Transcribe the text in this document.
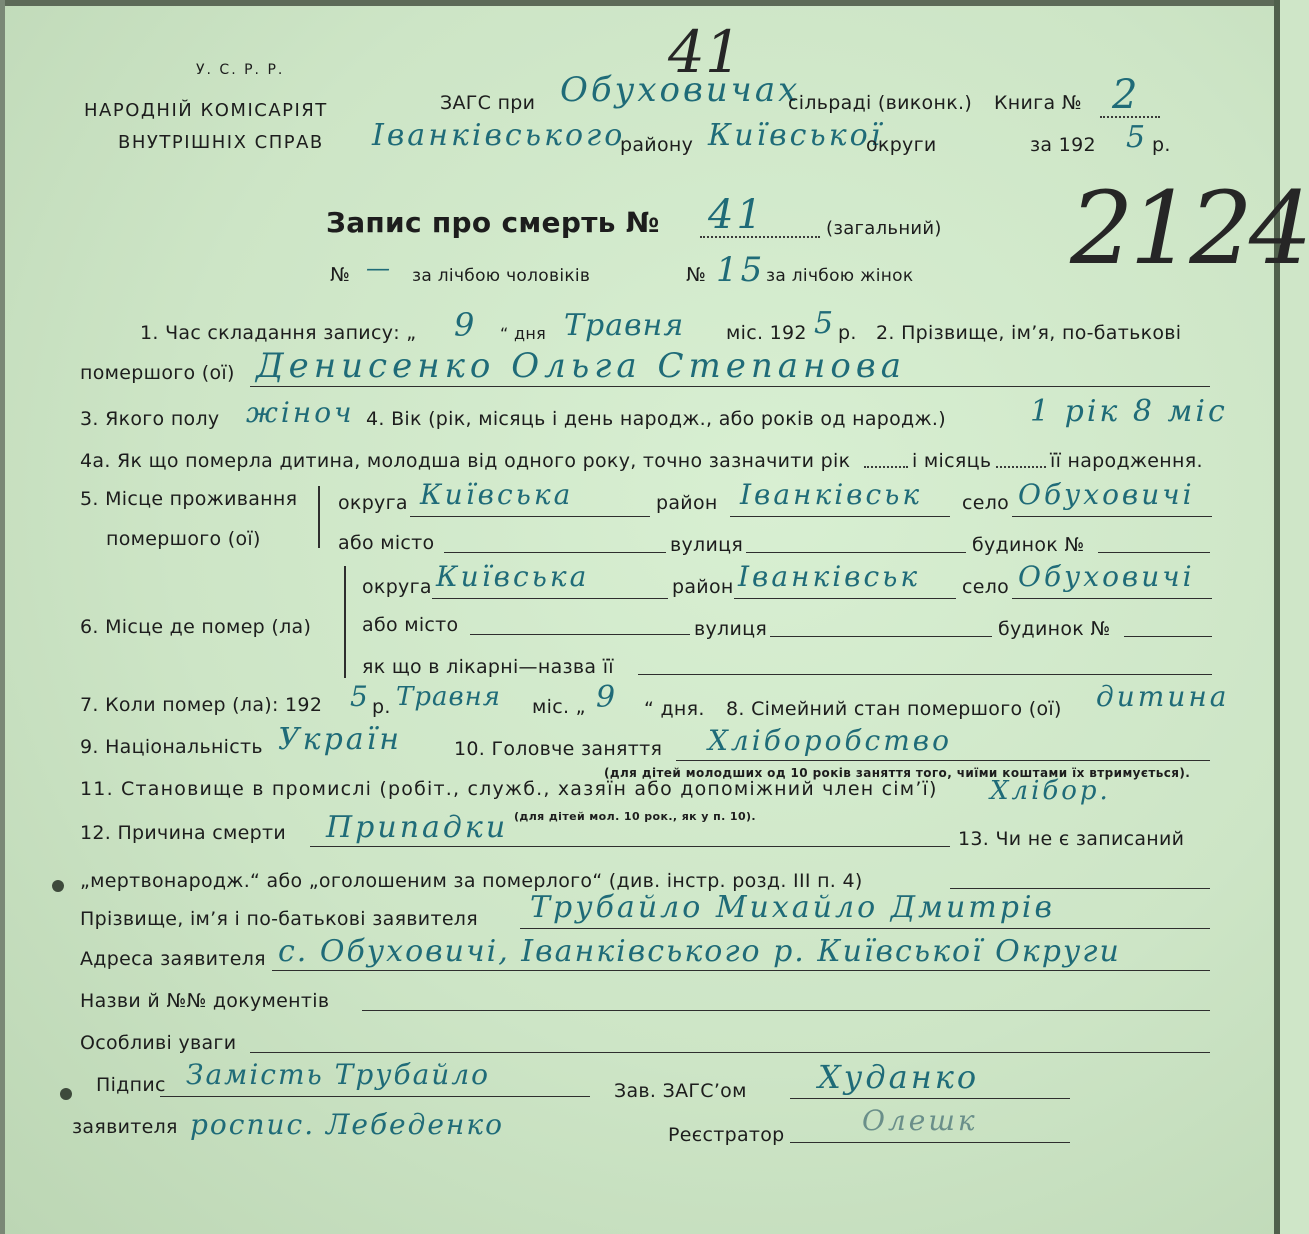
У. С. Р. Р.
НАРОДНІЙ КОМІСАРІЯТ
ВНУТРІШНІХ СПРАВ
ЗАГС при Обуховичах
сільраді (виконк.)
Іванківського
району Київської
округи
Книга № 2
за 192 5 р.
41
2124
Запис про смерть № 41	(загальний)
№ — за лічбою чоловіків	№ 15 за лічбою жінок
1. Час складання запису: „ 9 “ дня Травня міс. 192 5 р. 2. Прізвище, ім’я, по-батькові
помершого (ої) Денисенко Ольга Степанова
3. Якого полу жіноч 4. Вік (рік, місяць і день народж., або років од народж.)	1 рік 8 міс
4а. Як що померла дитина, молодша від одного року, точно зазначити рік	і місяць	її народження.
5. Місце проживання
помершого (ої)
округа Київська	район Іванківськ село Обуховичі
або місто	вулиця	будинок №
округа Київська	район Іванківськ село Обуховичі
6. Місце де помер (ла)	або місто	вулиця	будинок №
як що в лікарні—назва її
7. Коли помер (ла): 192 5 р. Травня міс. „ 9 “ дня. 8. Сімейний стан помершого (ої) дитина
9. Національність Україн	10. Головче заняття Хлібоpобство
(для дітей молодших од 10 років заняття того, чиїми коштами їх втримується).
11. Становище в промислі (робіт., служб., хазяїн або допоміжний член сім’ї) Хлібор.
12. Причина смерти
(для дітей мол. 10 рок., як у п. 10).
Припадки	13. Чи не є записаний
„мертвонародж.“ або „оголошеним за померлого“ (див. інстр. розд. III п. 4)
Прізвище, ім’я і по-батькові заявителя Трубайло Михайло Дмитрів
Адреса заявителя с. Обуховичі, Іванківського р. Київської Округи
Назви й №№ документів
Особливі уваги
Підпис
заявителя
Замість Трубайло
роспис. Лебеденко
Зав. ЗАГС’ом Худанко
Реєстратор	Олешк
